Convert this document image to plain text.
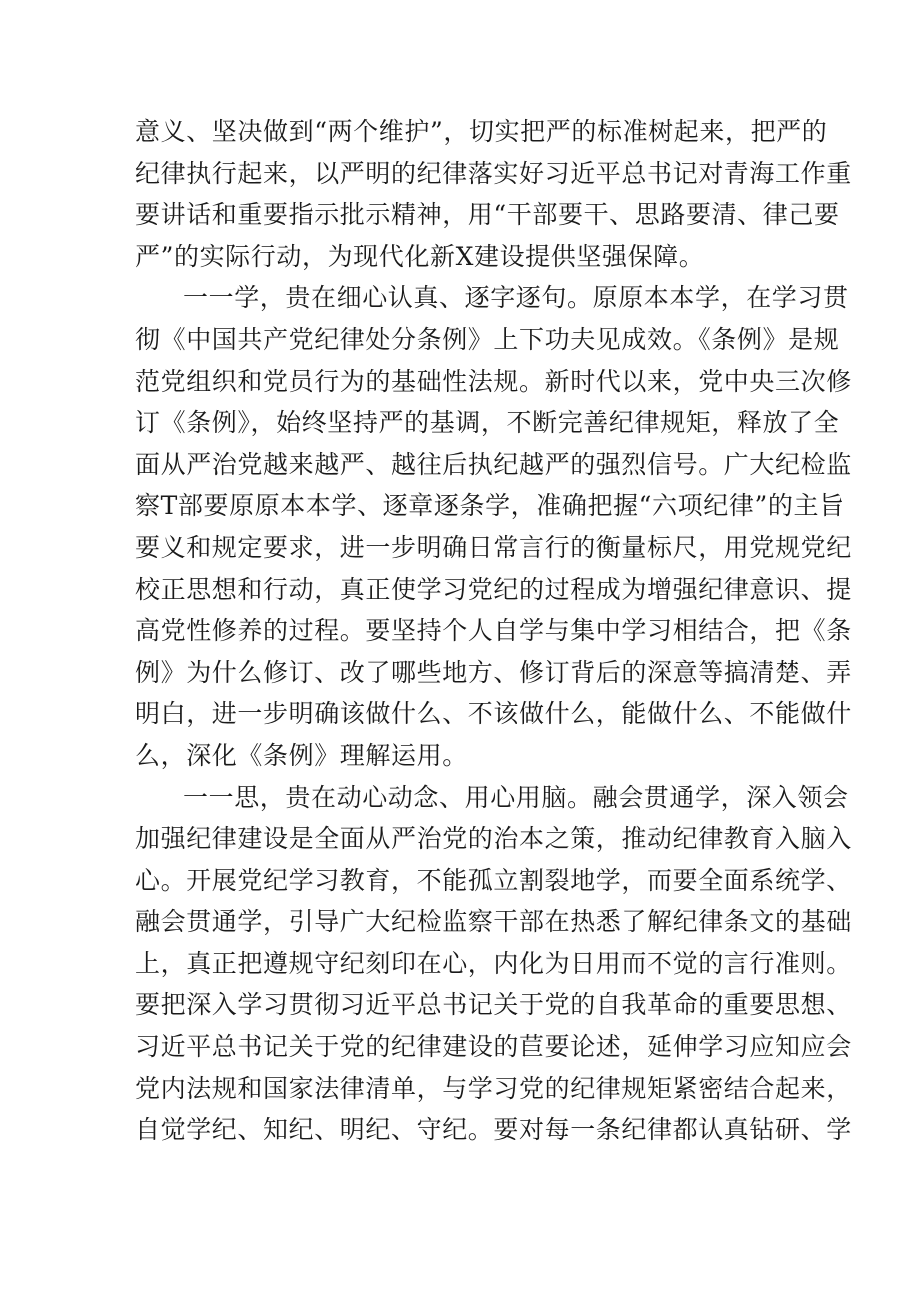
意义、坚决做到“两个维护”，切实把严的标准树起来，把严的
纪律执行起来，以严明的纪律落实好习近平总书记对青海工作重
要讲话和重要指示批示精神，用“干部要干、思路要清、律己要
严”的实际行动，为现代化新X建设提供坚强保障。
一一学，贵在细心认真、逐字逐句。原原本本学，在学习贯
彻《中国共产党纪律处分条例》上下功夫见成效。《条例》是规
范党组织和党员行为的基础性法规。新时代以来，党中央三次修
订《条例》，始终坚持严的基调，不断完善纪律规矩，释放了全
面从严治党越来越严、越往后执纪越严的强烈信号。广大纪检监
察T部要原原本本学、逐章逐条学，准确把握“六项纪律”的主旨
要义和规定要求，进一步明确日常言行的衡量标尺，用党规党纪
校正思想和行动，真正使学习党纪的过程成为增强纪律意识、提
高党性修养的过程。要坚持个人自学与集中学习相结合，把《条
例》为什么修订、改了哪些地方、修订背后的深意等搞清楚、弄
明白，进一步明确该做什么、不该做什么，能做什么、不能做什
么，深化《条例》理解运用。
一一思，贵在动心动念、用心用脑。融会贯通学，深入领会
加强纪律建设是全面从严治党的治本之策，推动纪律教育入脑入
心。开展党纪学习教育，不能孤立割裂地学，而要全面系统学、
融会贯通学，引导广大纪检监察干部在热悉了解纪律条文的基础
上，真正把遵规守纪刻印在心，内化为日用而不觉的言行准则。
要把深入学习贯彻习近平总书记关于党的自我革命的重要思想、
习近平总书记关于党的纪律建设的苣要论述，延伸学习应知应会
党内法规和国家法律清单，与学习党的纪律规矩紧密结合起来，
自觉学纪、知纪、明纪、守纪。要对每一条纪律都认真钻研、学
